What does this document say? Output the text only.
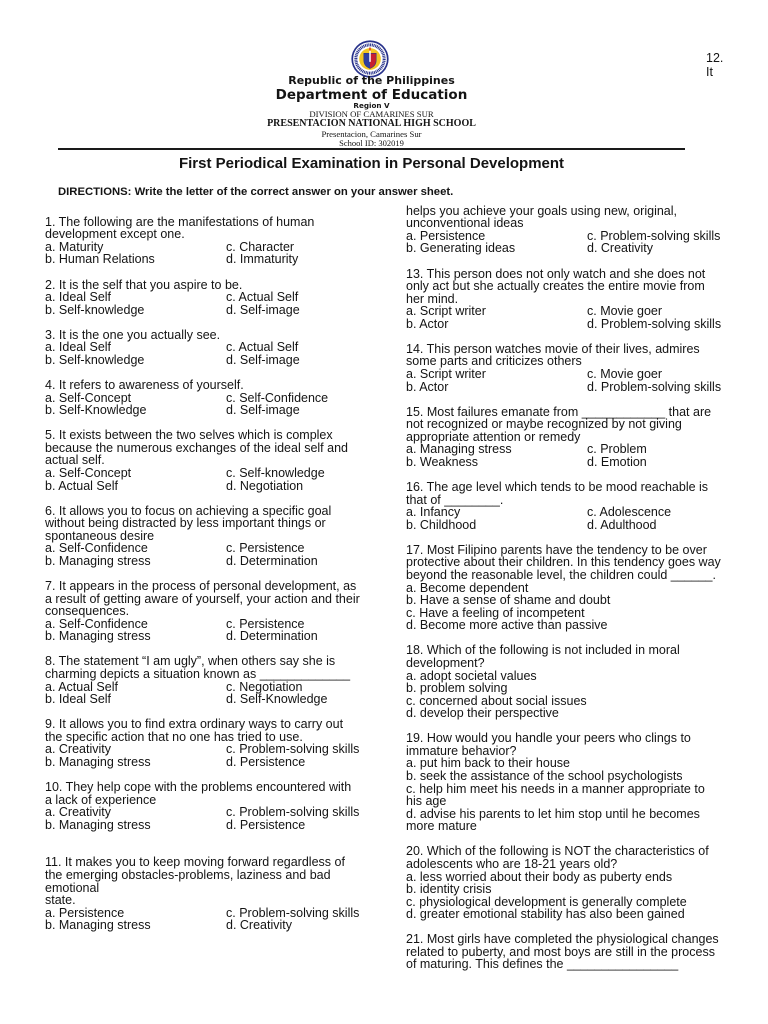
Republic of the Philippines
Department of Education
Region V
DIVISION OF CAMARINES SUR
PRESENTACION NATIONAL HIGH SCHOOL
Presentacion, Camarines Sur
School ID: 302019
12.
It
First Periodical Examination in Personal Development
DIRECTIONS: Write the letter of the correct answer on your answer sheet.
1. The following are the manifestations of human
development except one.
a. Maturity
b. Human Relations
c. Character
d. Immaturity
2. It is the self that you aspire to be.
a. Ideal Self
b. Self-knowledge
c. Actual Self
d. Self-image
3. It is the one you actually see.
a. Ideal Self
b. Self-knowledge
c. Actual Self
d. Self-image
4. It refers to awareness of yourself.
a. Self-Concept
b. Self-Knowledge
c. Self-Confidence
d. Self-image
5. It exists between the two selves which is complex
because the numerous exchanges of the ideal self and
actual self.
a. Self-Concept
b. Actual Self
c. Self-knowledge
d. Negotiation
6. It allows you to focus on achieving a specific goal
without being distracted by less important things or
spontaneous desire
a. Self-Confidence
b. Managing stress
c. Persistence
d. Determination
7. It appears in the process of personal development, as
a result of getting aware of yourself, your action and their
consequences.
a. Self-Confidence
b. Managing stress
c. Persistence
d. Determination
8. The statement “I am ugly”, when others say she is
charming depicts a situation known as _____________
a. Actual Self
b. Ideal Self
c. Negotiation
d. Self-Knowledge
9. It allows you to find extra ordinary ways to carry out
the specific action that no one has tried to use.
a. Creativity
b. Managing stress
c. Problem-solving skills
d. Persistence
10. They help cope with the problems encountered with
a lack of experience
a. Creativity
b. Managing stress
c. Problem-solving skills
d. Persistence
11. It makes you to keep moving forward regardless of
the emerging obstacles-problems, laziness and bad
emotional
state.
a. Persistence
b. Managing stress
c. Problem-solving skills
d. Creativity
helps you achieve your goals using new, original,
unconventional ideas
a. Persistence
b. Generating ideas
c. Problem-solving skills
d. Creativity
13. This person does not only watch and she does not
only act but she actually creates the entire movie from
her mind.
a. Script writer
b. Actor
c. Movie goer
d. Problem-solving skills
14. This person watches movie of their lives, admires
some parts and criticizes others
a. Script writer
b. Actor
c. Movie goer
d. Problem-solving skills
15. Most failures emanate from ____________ that are
not recognized or maybe recognized by not giving
appropriate attention or remedy
a. Managing stress
b. Weakness
c. Problem
d. Emotion
16. The age level which tends to be mood reachable is
that of ________.
a. Infancy
b. Childhood
c. Adolescence
d. Adulthood
17. Most Filipino parents have the tendency to be over
protective about their children. In this tendency goes way
beyond the reasonable level, the children could ______.
a. Become dependent
b. Have a sense of shame and doubt
c. Have a feeling of incompetent
d. Become more active than passive
18. Which of the following is not included in moral
development?
a. adopt societal values
b. problem solving
c. concerned about social issues
d. develop their perspective
19. How would you handle your peers who clings to
immature behavior?
a. put him back to their house
b. seek the assistance of the school psychologists
c. help him meet his needs in a manner appropriate to
his age
d. advise his parents to let him stop until he becomes
more mature
20. Which of the following is NOT the characteristics of
adolescents who are 18-21 years old?
a. less worried about their body as puberty ends
b. identity crisis
c. physiological development is generally complete
d. greater emotional stability has also been gained
21. Most girls have completed the physiological changes
related to puberty, and most boys are still in the process
of maturing. This defines the ________________
